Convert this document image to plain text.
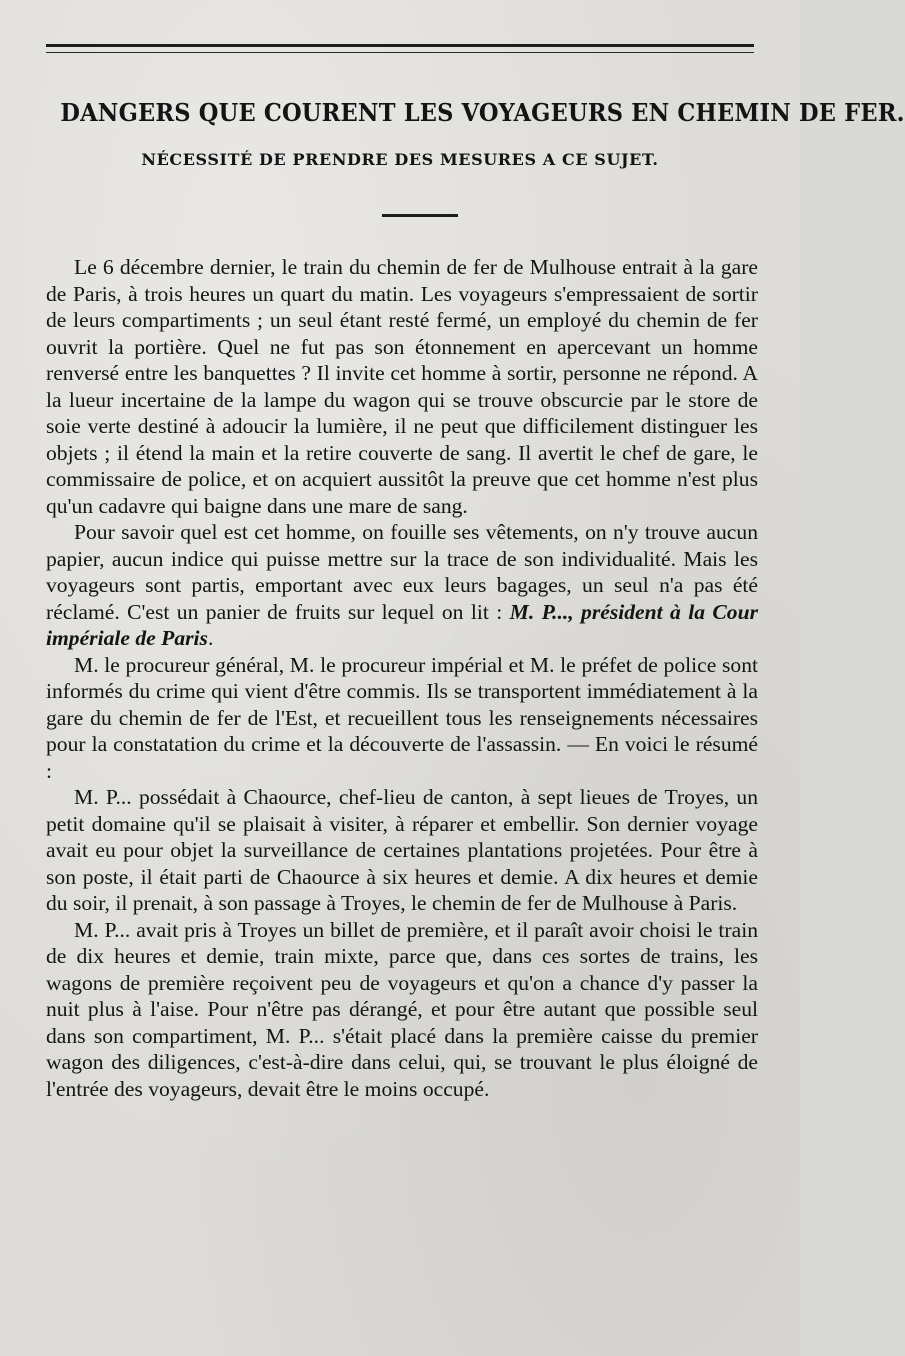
DANGERS QUE COURENT LES VOYAGEURS EN CHEMIN DE FER.
NÉCESSITÉ DE PRENDRE DES MESURES A CE SUJET.

Le 6 décembre dernier, le train du chemin de fer de Mulhouse entrait à la gare de Paris, à trois heures un quart du matin. Les voyageurs s'empressaient de sortir de leurs compartiments ; un seul étant resté fermé, un employé du chemin de fer ouvrit la portière. Quel ne fut pas son étonnement en apercevant un homme renversé entre les banquettes ? Il invite cet homme à sortir, personne ne répond. A la lueur incertaine de la lampe du wagon qui se trouve obscurcie par le store de soie verte destiné à adoucir la lumière, il ne peut que difficilement distinguer les objets ; il étend la main et la retire couverte de sang. Il avertit le chef de gare, le commissaire de police, et on acquiert aussitôt la preuve que cet homme n'est plus qu'un cadavre qui baigne dans une mare de sang.

Pour savoir quel est cet homme, on fouille ses vêtements, on n'y trouve aucun papier, aucun indice qui puisse mettre sur la trace de son individualité. Mais les voyageurs sont partis, emportant avec eux leurs bagages, un seul n'a pas été réclamé. C'est un panier de fruits sur lequel on lit : M. P..., président à la Cour impériale de Paris.

M. le procureur général, M. le procureur impérial et M. le préfet de police sont informés du crime qui vient d'être commis. Ils se transportent immédiatement à la gare du chemin de fer de l'Est, et recueillent tous les renseignements nécessaires pour la constatation du crime et la découverte de l'assassin. — En voici le résumé :

M. P... possédait à Chaource, chef-lieu de canton, à sept lieues de Troyes, un petit domaine qu'il se plaisait à visiter, à réparer et embellir. Son dernier voyage avait eu pour objet la surveillance de certaines plantations projetées. Pour être à son poste, il était parti de Chaource à six heures et demie. A dix heures et demie du soir, il prenait, à son passage à Troyes, le chemin de fer de Mulhouse à Paris.

M. P... avait pris à Troyes un billet de première, et il paraît avoir choisi le train de dix heures et demie, train mixte, parce que, dans ces sortes de trains, les wagons de première reçoivent peu de voyageurs et qu'on a chance d'y passer la nuit plus à l'aise. Pour n'être pas dérangé, et pour être autant que possible seul dans son compartiment, M. P... s'était placé dans la première caisse du premier wagon des diligences, c'est-à-dire dans celui, qui, se trouvant le plus éloigné de l'entrée des voyageurs, devait être le moins occupé.
